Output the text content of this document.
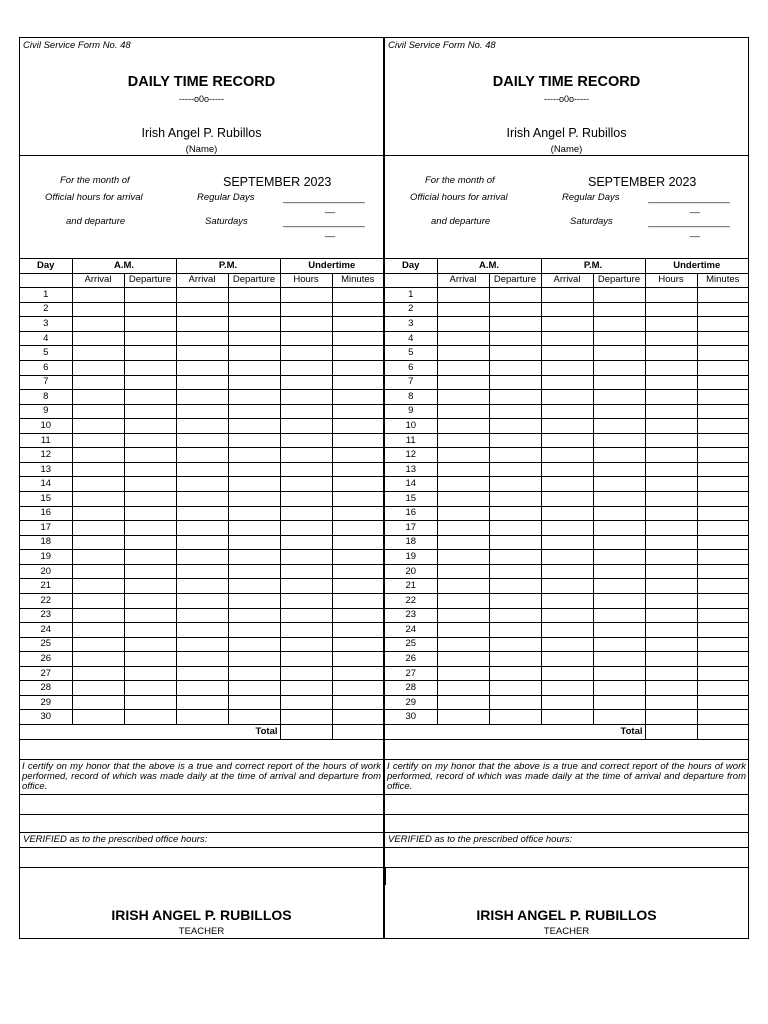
Civil Service Form No. 48
DAILY TIME RECORD
-----o0o-----
Irish Angel P. Rubillos
(Name)
For the month of	SEPTEMBER 2023
Official hours for arrival	Regular Days	_________________
__
and departure	Saturdays	_________________
__
Day	A.M.		P.M.		Undertime	
	Arrival	Departure	Arrival	Departure	Hours	Minutes
1						
2						
3						
4						
5						
6						
7						
8						
9						
10						
11						
12						
13						
14						
15						
16						
17						
18						
19						
20						
21						
22						
23						
24						
25						
26						
27						
28						
29						
30						
Total						
I certify on my honor that the above is a true and correct report of the hours of work performed, record of which was made daily at the time of arrival and departure from office.
VERIFIED as to the prescribed office hours:
IRISH ANGEL P. RUBILLOS
TEACHER
Civil Service Form No. 48
DAILY TIME RECORD
-----o0o-----
Irish Angel P. Rubillos
(Name)
For the month of	SEPTEMBER 2023
Official hours for arrival	Regular Days	_________________
__
and departure	Saturdays	_________________
__
Day	A.M.		P.M.		Undertime	
	Arrival	Departure	Arrival	Departure	Hours	Minutes
1						
2						
3						
4						
5						
6						
7						
8						
9						
10						
11						
12						
13						
14						
15						
16						
17						
18						
19						
20						
21						
22						
23						
24						
25						
26						
27						
28						
29						
30						
Total						
I certify on my honor that the above is a true and correct report of the hours of work performed, record of which was made daily at the time of arrival and departure from office.
VERIFIED as to the prescribed office hours:
IRISH ANGEL P. RUBILLOS
TEACHER
